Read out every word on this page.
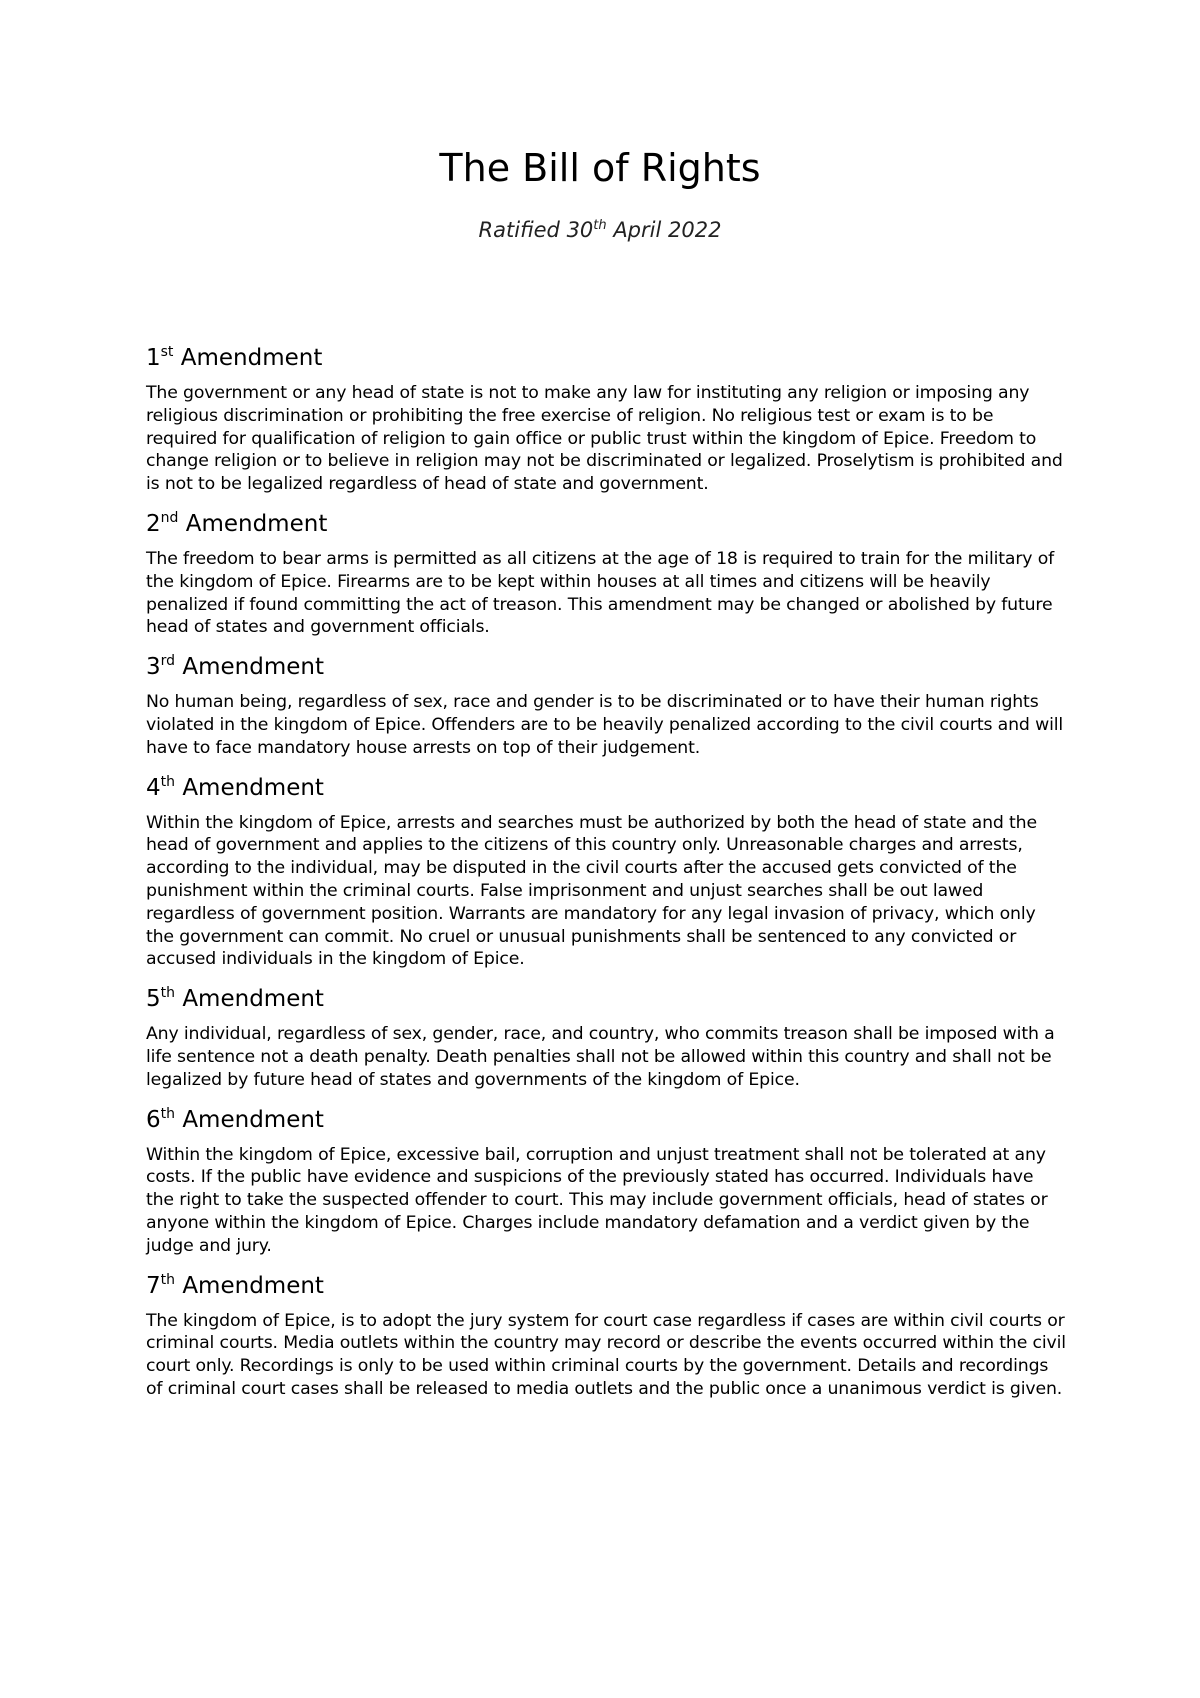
The Bill of Rights

Ratified 30th April 2022

1st Amendment

The government or any head of state is not to make any law for instituting any religion or imposing any religious discrimination or prohibiting the free exercise of religion. No religious test or exam is to be required for qualification of religion to gain office or public trust within the kingdom of Epice. Freedom to change religion or to believe in religion may not be discriminated or legalized. Proselytism is prohibited and is not to be legalized regardless of head of state and government.

2nd Amendment

The freedom to bear arms is permitted as all citizens at the age of 18 is required to train for the military of the kingdom of Epice. Firearms are to be kept within houses at all times and citizens will be heavily penalized if found committing the act of treason. This amendment may be changed or abolished by future head of states and government officials.

3rd Amendment

No human being, regardless of sex, race and gender is to be discriminated or to have their human rights violated in the kingdom of Epice. Offenders are to be heavily penalized according to the civil courts and will have to face mandatory house arrests on top of their judgement.

4th Amendment

Within the kingdom of Epice, arrests and searches must be authorized by both the head of state and the head of government and applies to the citizens of this country only. Unreasonable charges and arrests, according to the individual, may be disputed in the civil courts after the accused gets convicted of the punishment within the criminal courts. False imprisonment and unjust searches shall be out lawed regardless of government position. Warrants are mandatory for any legal invasion of privacy, which only the government can commit. No cruel or unusual punishments shall be sentenced to any convicted or accused individuals in the kingdom of Epice.

5th Amendment

Any individual, regardless of sex, gender, race, and country, who commits treason shall be imposed with a life sentence not a death penalty. Death penalties shall not be allowed within this country and shall not be legalized by future head of states and governments of the kingdom of Epice.

6th Amendment

Within the kingdom of Epice, excessive bail, corruption and unjust treatment shall not be tolerated at any costs. If the public have evidence and suspicions of the previously stated has occurred. Individuals have the right to take the suspected offender to court. This may include government officials, head of states or anyone within the kingdom of Epice. Charges include mandatory defamation and a verdict given by the judge and jury.

7th Amendment

The kingdom of Epice, is to adopt the jury system for court case regardless if cases are within civil courts or criminal courts. Media outlets within the country may record or describe the events occurred within the civil court only. Recordings is only to be used within criminal courts by the government. Details and recordings of criminal court cases shall be released to media outlets and the public once a unanimous verdict is given.
